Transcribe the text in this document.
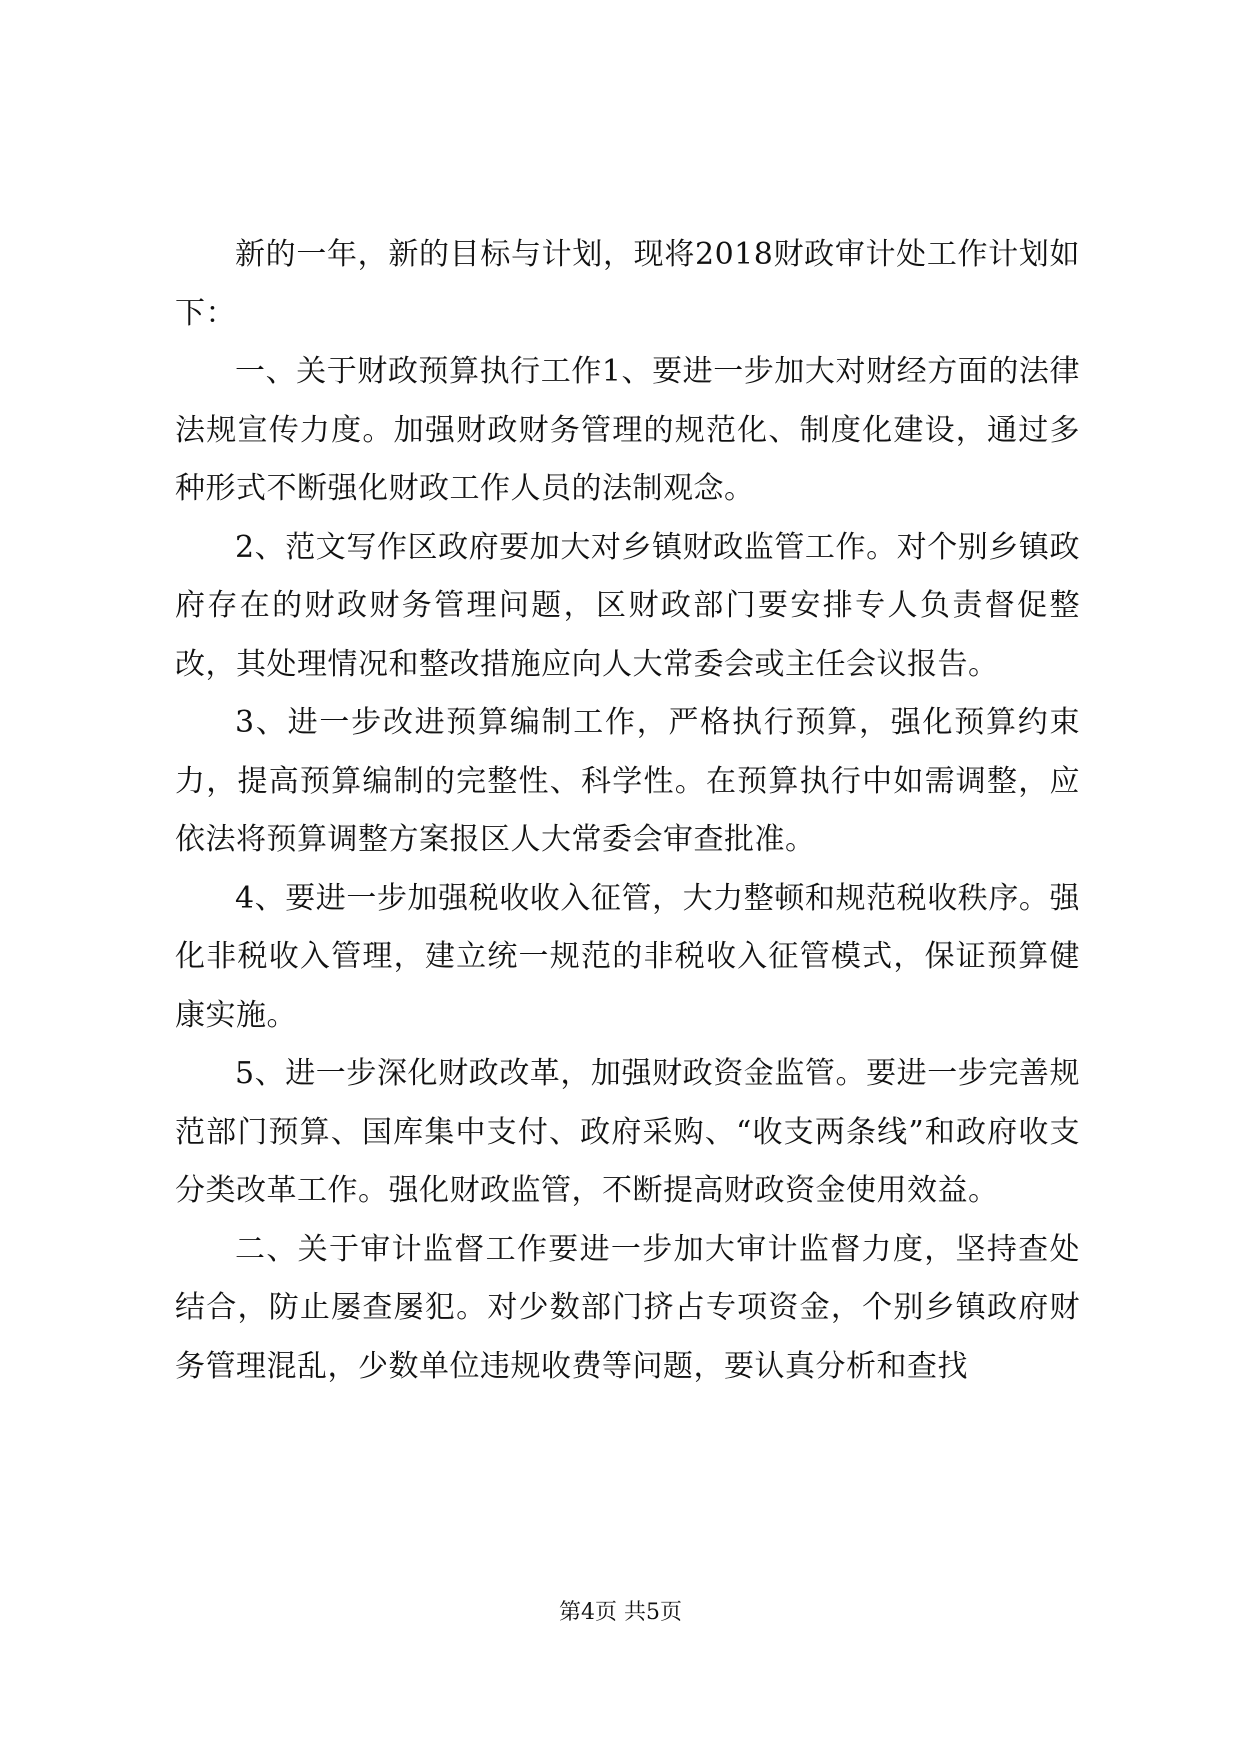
新的一年，新的目标与计划，现将2018财政审计处工作计划如下：

一、关于财政预算执行工作1、要进一步加大对财经方面的法律法规宣传力度。加强财政财务管理的规范化、制度化建设，通过多种形式不断强化财政工作人员的法制观念。

2、范文写作区政府要加大对乡镇财政监管工作。对个别乡镇政府存在的财政财务管理问题，区财政部门要安排专人负责督促整改，其处理情况和整改措施应向人大常委会或主任会议报告。

3、进一步改进预算编制工作，严格执行预算，强化预算约束力，提高预算编制的完整性、科学性。在预算执行中如需调整，应依法将预算调整方案报区人大常委会审查批准。

4、要进一步加强税收收入征管，大力整顿和规范税收秩序。强化非税收入管理，建立统一规范的非税收入征管模式，保证预算健康实施。

5、进一步深化财政改革，加强财政资金监管。要进一步完善规范部门预算、国库集中支付、政府采购、“收支两条线”和政府收支分类改革工作。强化财政监管，不断提高财政资金使用效益。

二、关于审计监督工作要进一步加大审计监督力度，坚持查处结合，防止屡查屡犯。对少数部门挤占专项资金，个别乡镇政府财务管理混乱，少数单位违规收费等问题，要认真分析和查找

第4页 共5页
